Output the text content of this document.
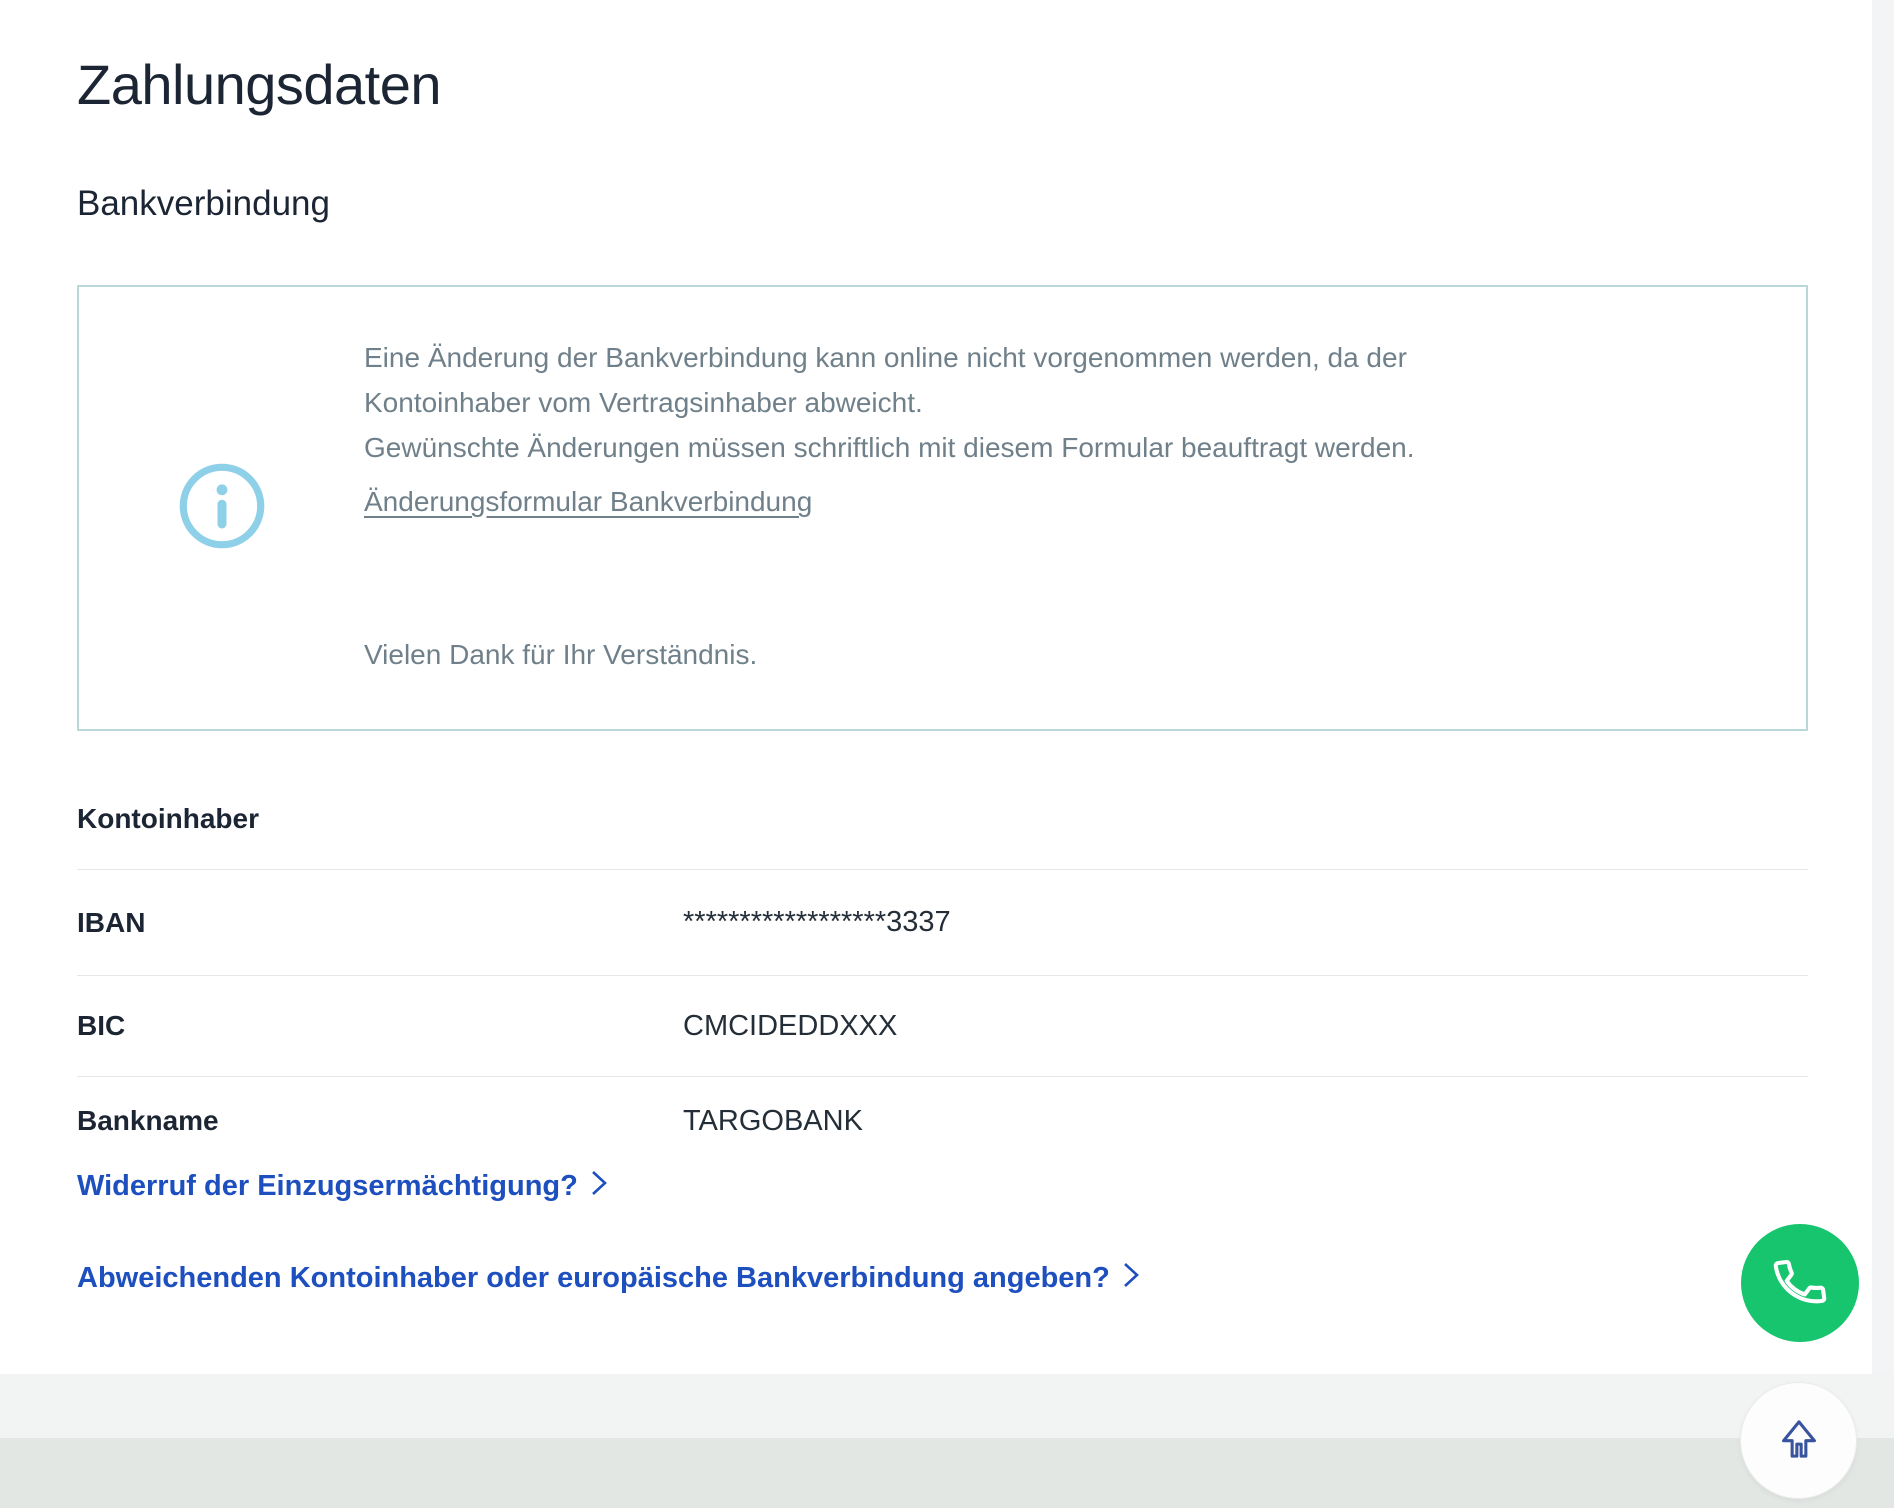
Zahlungsdaten
Bankverbindung
Eine Änderung der Bankverbindung kann online nicht vorgenommen werden, da der
Kontoinhaber vom Vertragsinhaber abweicht.
Gewünschte Änderungen müssen schriftlich mit diesem Formular beauftragt werden.
Änderungsformular Bankverbindung
Vielen Dank für Ihr Verständnis.
Kontoinhaber
IBAN	******************3337
BIC	CMCIDEDDXXX
Bankname	TARGOBANK
Widerruf der Einzugsermächtigung?
Abweichenden Kontoinhaber oder europäische Bankverbindung angeben?
